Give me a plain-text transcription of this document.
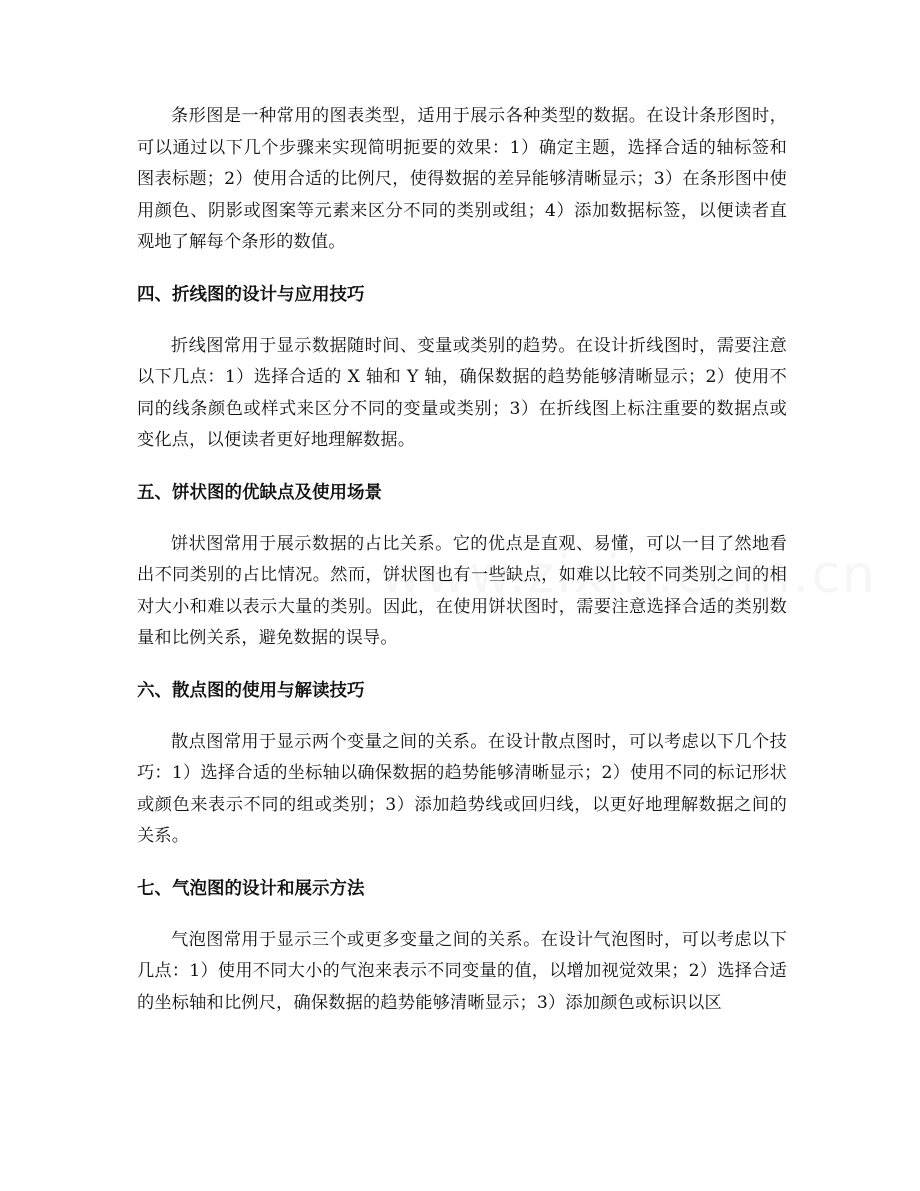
条形图是一种常用的图表类型，适用于展示各种类型的数据。在设计条形图时，可以通过以下几个步骤来实现简明扼要的效果：1）确定主题，选择合适的轴标签和图表标题；2）使用合适的比例尺，使得数据的差异能够清晰显示；3）在条形图中使用颜色、阴影或图案等元素来区分不同的类别或组；4）添加数据标签，以便读者直观地了解每个条形的数值。

四、折线图的设计与应用技巧

折线图常用于显示数据随时间、变量或类别的趋势。在设计折线图时，需要注意以下几点：1）选择合适的 X 轴和 Y 轴，确保数据的趋势能够清晰显示；2）使用不同的线条颜色或样式来区分不同的变量或类别；3）在折线图上标注重要的数据点或变化点，以便读者更好地理解数据。

五、饼状图的优缺点及使用场景

饼状图常用于展示数据的占比关系。它的优点是直观、易懂，可以一目了然地看出不同类别的占比情况。然而，饼状图也有一些缺点，如难以比较不同类别之间的相对大小和难以表示大量的类别。因此，在使用饼状图时，需要注意选择合适的类别数量和比例关系，避免数据的误导。

六、散点图的使用与解读技巧

散点图常用于显示两个变量之间的关系。在设计散点图时，可以考虑以下几个技巧：1）选择合适的坐标轴以确保数据的趋势能够清晰显示；2）使用不同的标记形状或颜色来表示不同的组或类别；3）添加趋势线或回归线，以更好地理解数据之间的关系。

七、气泡图的设计和展示方法

气泡图常用于显示三个或更多变量之间的关系。在设计气泡图时，可以考虑以下几点：1）使用不同大小的气泡来表示不同变量的值，以增加视觉效果；2）选择合适的坐标轴和比例尺，确保数据的趋势能够清晰显示；3）添加颜色或标识以区
